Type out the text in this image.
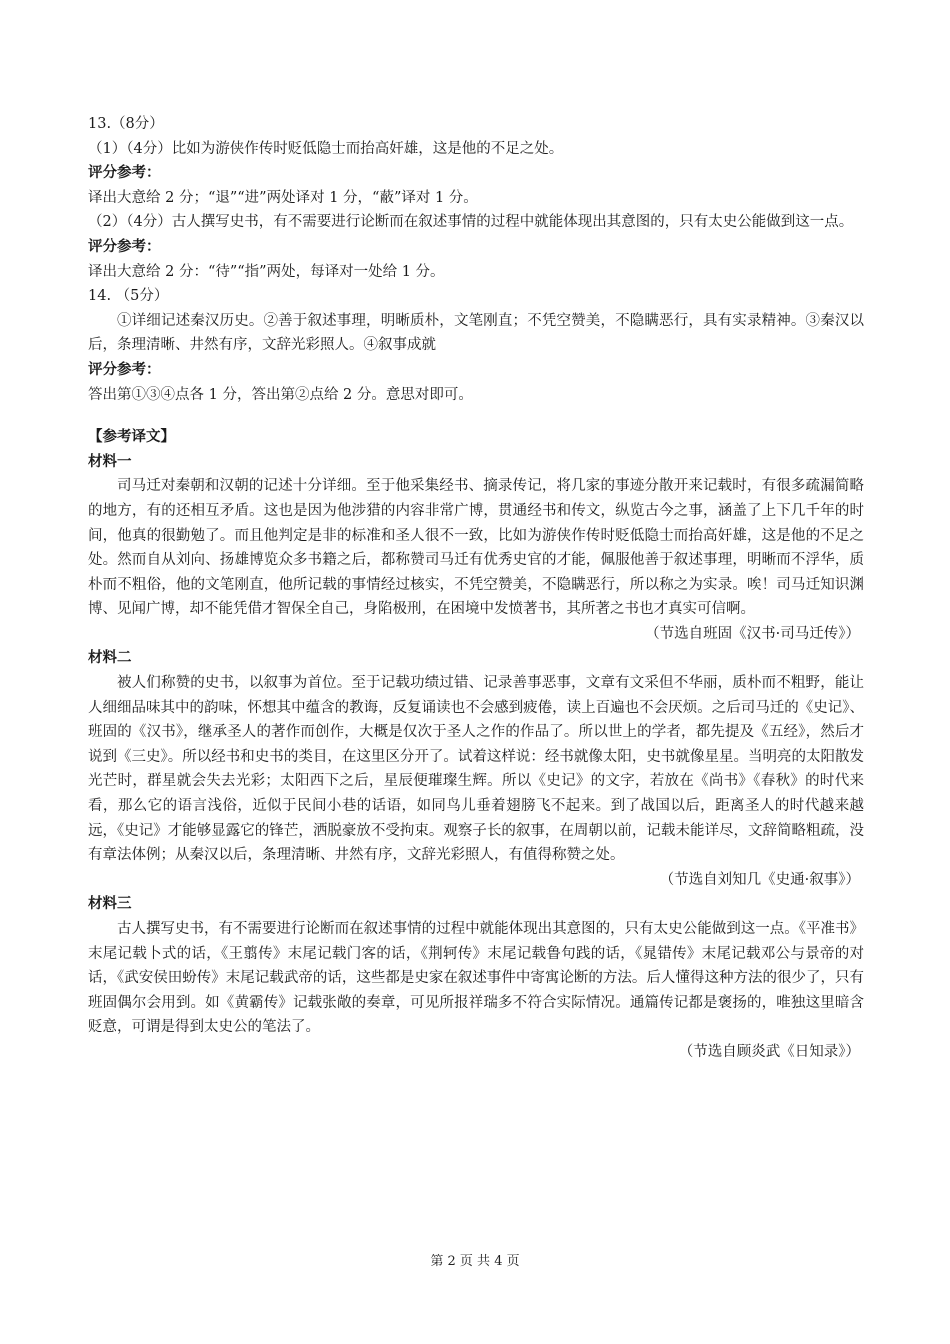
13.（8分）
（1）（4分）比如为游侠作传时贬低隐士而抬高奸雄，这是他的不足之处。
评分参考：
译出大意给 2 分；“退”“进”两处译对 1 分，“蔽”译对 1 分。

（2）（4分）古人撰写史书，有不需要进行论断而在叙述事情的过程中就能体现出其意图的，只有太史公能做到这一点。

评分参考：
译出大意给 2 分：“待”“指”两处，每译对一处给 1 分。
14. （5分）

①详细记述秦汉历史。②善于叙述事理，明晰质朴，文笔刚直；不凭空赞美，不隐瞒恶行，具有实录精神。③秦汉以后，条理清晰、井然有序，文辞光彩照人。④叙事成就

评分参考：
答出第①③④点各 1 分，答出第②点给 2 分。意思对即可。
【参考译文】
材料一

司马迁对秦朝和汉朝的记述十分详细。至于他采集经书、摘录传记，将几家的事迹分散开来记载时，有很多疏漏简略的地方，有的还相互矛盾。这也是因为他涉猎的内容非常广博，贯通经书和传文，纵览古今之事，涵盖了上下几千年的时间，他真的很勤勉了。而且他判定是非的标准和圣人很不一致，比如为游侠作传时贬低隐士而抬高奸雄，这是他的不足之处。然而自从刘向、扬雄博览众多书籍之后，都称赞司马迁有优秀史官的才能，佩服他善于叙述事理，明晰而不浮华，质朴而不粗俗，他的文笔刚直，他所记载的事情经过核实，不凭空赞美，不隐瞒恶行，所以称之为实录。唉！司马迁知识渊博、见闻广博，却不能凭借才智保全自己，身陷极刑，在困境中发愤著书，其所著之书也才真实可信啊。

（节选自班固《汉书·司马迁传》）
材料二

被人们称赞的史书，以叙事为首位。至于记载功绩过错、记录善事恶事，文章有文采但不华丽，质朴而不粗野，能让人细细品味其中的韵味，怀想其中蕴含的教诲，反复诵读也不会感到疲倦，读上百遍也不会厌烦。之后司马迁的《史记》、班固的《汉书》，继承圣人的著作而创作，大概是仅次于圣人之作的作品了。所以世上的学者，都先提及《五经》，然后才说到《三史》。所以经书和史书的类目，在这里区分开了。试着这样说：经书就像太阳，史书就像星星。当明亮的太阳散发光芒时，群星就会失去光彩；太阳西下之后，星辰便璀璨生辉。所以《史记》的文字，若放在《尚书》《春秋》的时代来看，那么它的语言浅俗，近似于民间小巷的话语，如同鸟儿垂着翅膀飞不起来。到了战国以后，距离圣人的时代越来越远，《史记》才能够显露它的锋芒，洒脱豪放不受拘束。观察子长的叙事，在周朝以前，记载未能详尽，文辞简略粗疏，没有章法体例；从秦汉以后，条理清晰、井然有序，文辞光彩照人，有值得称赞之处。

（节选自刘知几《史通·叙事》）
材料三

古人撰写史书，有不需要进行论断而在叙述事情的过程中就能体现出其意图的，只有太史公能做到这一点。《平准书》末尾记载卜式的话，《王翦传》末尾记载门客的话，《荆轲传》末尾记载鲁句践的话，《晁错传》末尾记载邓公与景帝的对话，《武安侯田蚡传》末尾记载武帝的话，这些都是史家在叙述事件中寄寓论断的方法。后人懂得这种方法的很少了，只有班固偶尔会用到。如《黄霸传》记载张敞的奏章，可见所报祥瑞多不符合实际情况。通篇传记都是褒扬的，唯独这里暗含贬意，可谓是得到太史公的笔法了。

（节选自顾炎武《日知录》）
第 2 页 共 4 页
